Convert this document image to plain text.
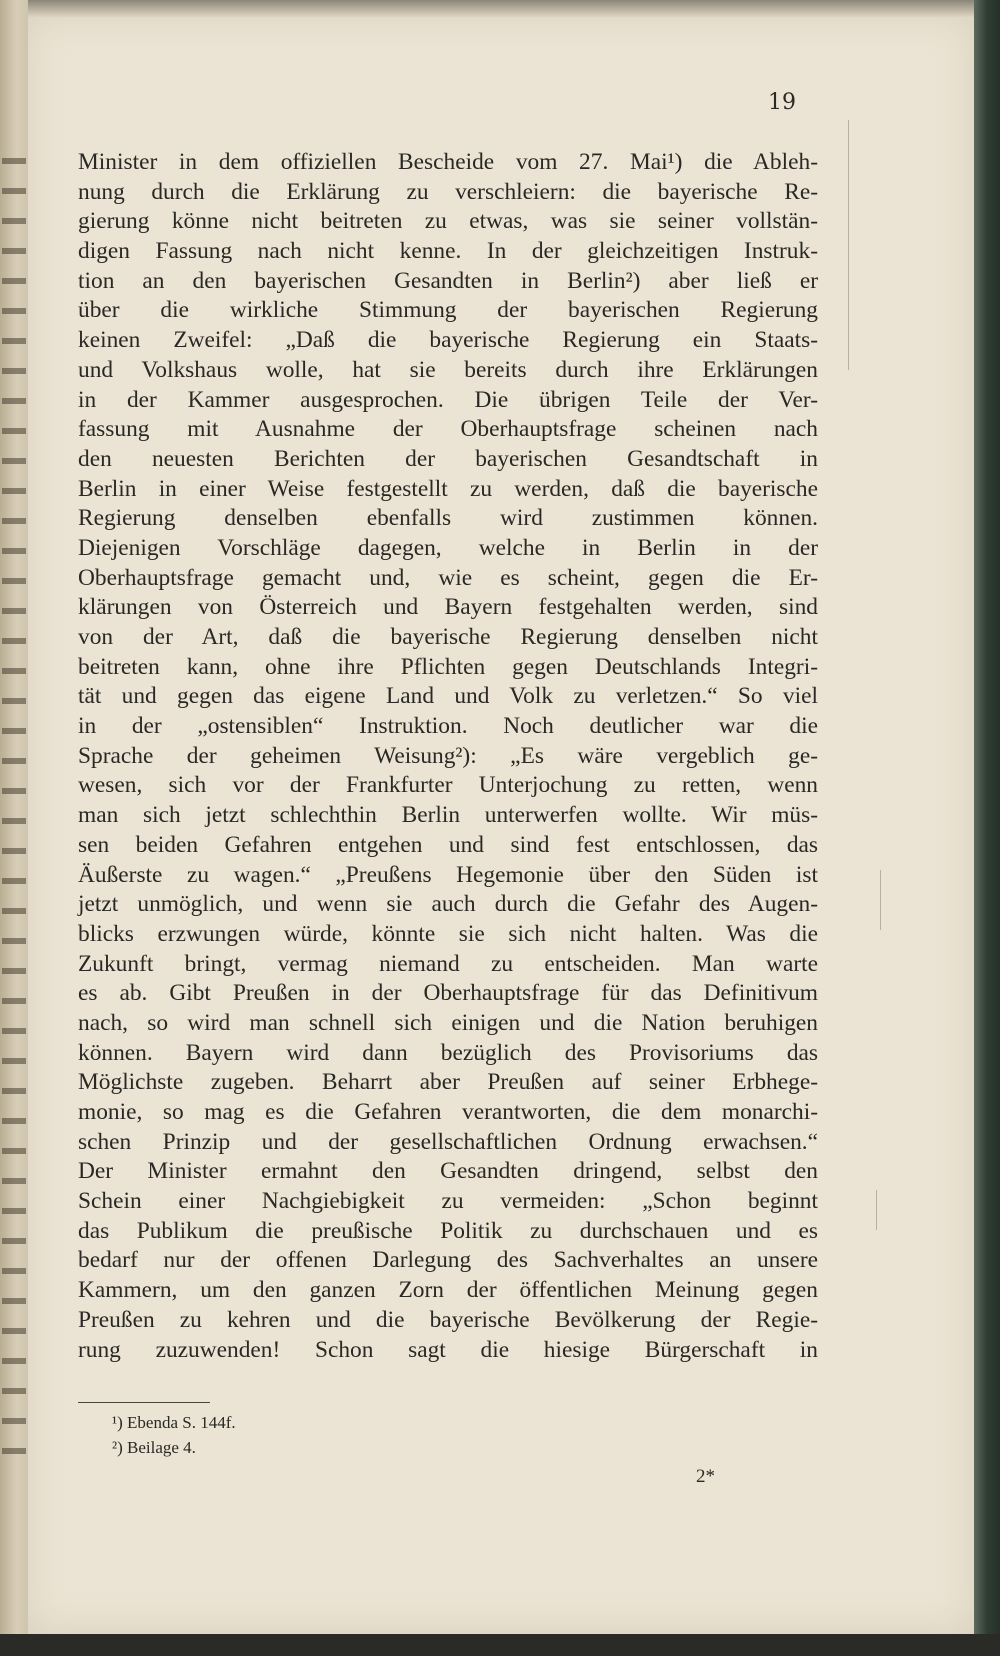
19
Minister in dem offiziellen Bescheide vom 27. Mai¹) die Ableh-
nung durch die Erklärung zu verschleiern: die bayerische Re-
gierung könne nicht beitreten zu etwas, was sie seiner vollstän-
digen Fassung nach nicht kenne. In der gleichzeitigen Instruk-
tion an den bayerischen Gesandten in Berlin²) aber ließ er
über die wirkliche Stimmung der bayerischen Regierung
keinen Zweifel: „Daß die bayerische Regierung ein Staats-
und Volkshaus wolle, hat sie bereits durch ihre Erklärungen
in der Kammer ausgesprochen. Die übrigen Teile der Ver-
fassung mit Ausnahme der Oberhauptsfrage scheinen nach
den neuesten Berichten der bayerischen Gesandtschaft in
Berlin in einer Weise festgestellt zu werden, daß die bayerische
Regierung denselben ebenfalls wird zustimmen können.
Diejenigen Vorschläge dagegen, welche in Berlin in der
Oberhauptsfrage gemacht und, wie es scheint, gegen die Er-
klärungen von Österreich und Bayern festgehalten werden, sind
von der Art, daß die bayerische Regierung denselben nicht
beitreten kann, ohne ihre Pflichten gegen Deutschlands Integri-
tät und gegen das eigene Land und Volk zu verletzen.“ So viel
in der „ostensiblen“ Instruktion. Noch deutlicher war die
Sprache der geheimen Weisung²): „Es wäre vergeblich ge-
wesen, sich vor der Frankfurter Unterjochung zu retten, wenn
man sich jetzt schlechthin Berlin unterwerfen wollte. Wir müs-
sen beiden Gefahren entgehen und sind fest entschlossen, das
Äußerste zu wagen.“ „Preußens Hegemonie über den Süden ist
jetzt unmöglich, und wenn sie auch durch die Gefahr des Augen-
blicks erzwungen würde, könnte sie sich nicht halten. Was die
Zukunft bringt, vermag niemand zu entscheiden. Man warte
es ab. Gibt Preußen in der Oberhauptsfrage für das Definitivum
nach, so wird man schnell sich einigen und die Nation beruhigen
können. Bayern wird dann bezüglich des Provisoriums das
Möglichste zugeben. Beharrt aber Preußen auf seiner Erbhege-
monie, so mag es die Gefahren verantworten, die dem monarchi-
schen Prinzip und der gesellschaftlichen Ordnung erwachsen.“
Der Minister ermahnt den Gesandten dringend, selbst den
Schein einer Nachgiebigkeit zu vermeiden: „Schon beginnt
das Publikum die preußische Politik zu durchschauen und es
bedarf nur der offenen Darlegung des Sachverhaltes an unsere
Kammern, um den ganzen Zorn der öffentlichen Meinung gegen
Preußen zu kehren und die bayerische Bevölkerung der Regie-
rung zuzuwenden! Schon sagt die hiesige Bürgerschaft in
¹) Ebenda S. 144f.
²) Beilage 4.
2*
